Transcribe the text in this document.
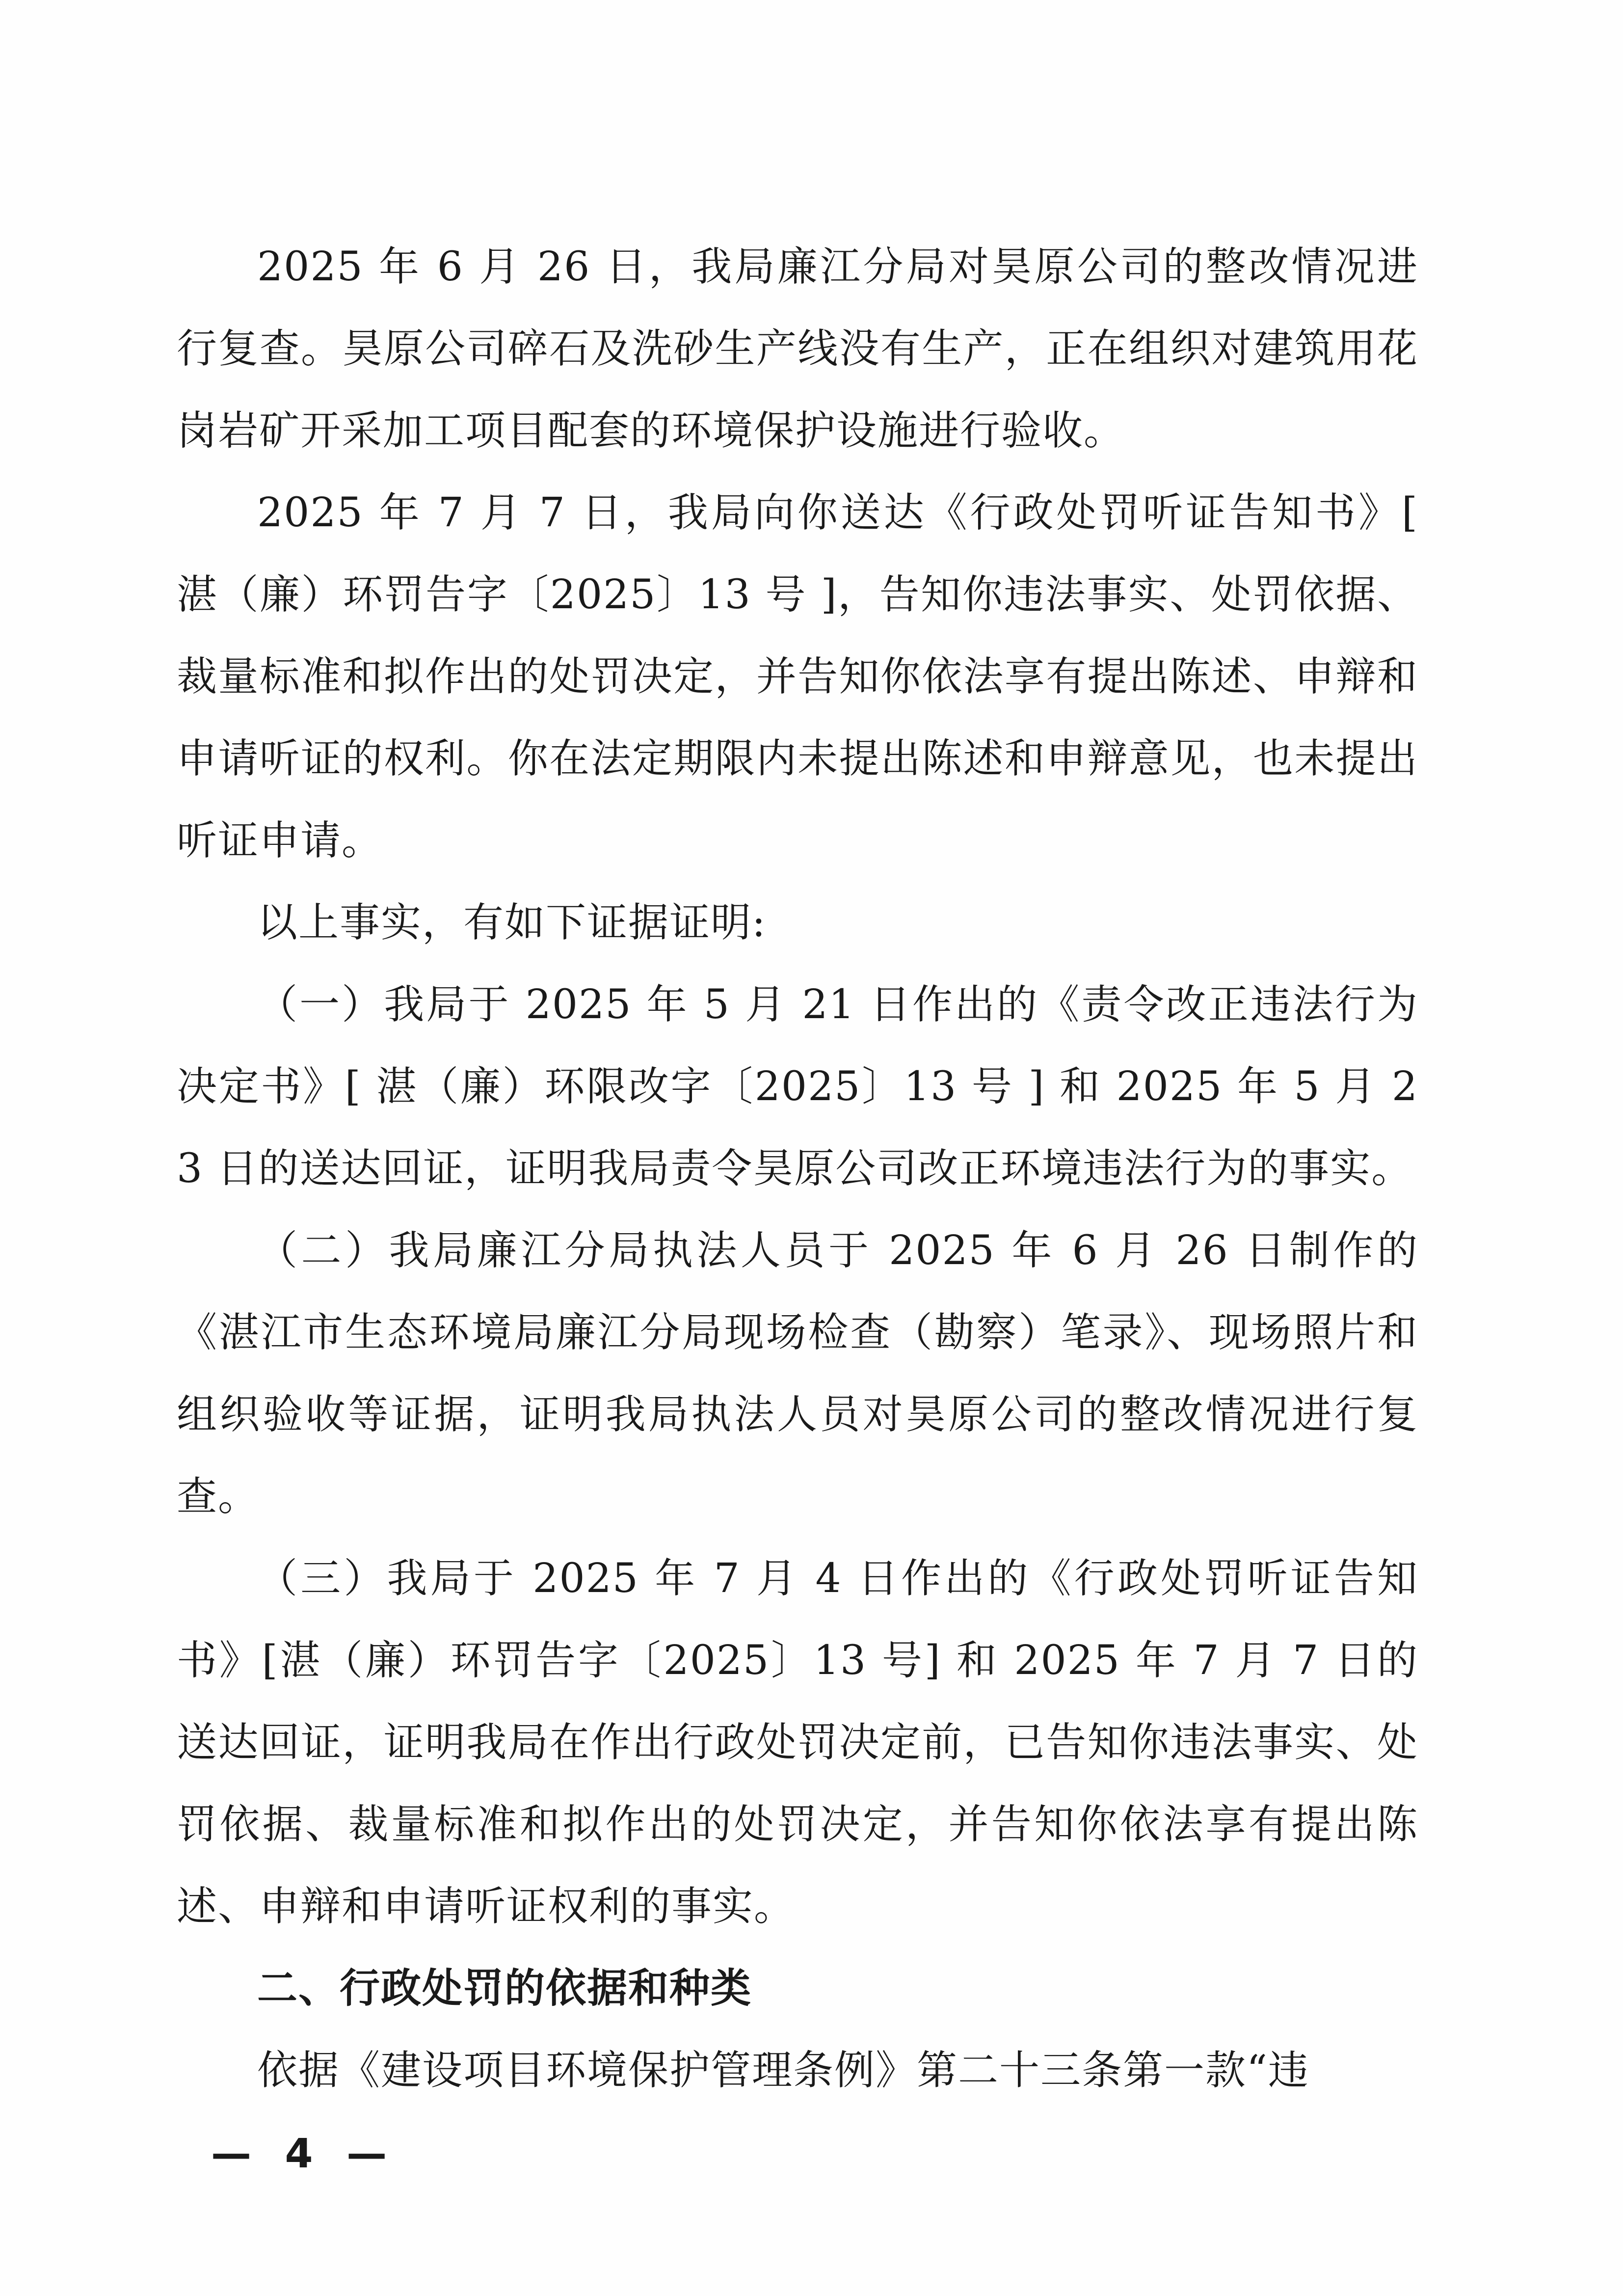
2025 年 6 月 26 日，我局廉江分局对昊原公司的整改情况进行复查。昊原公司碎石及洗砂生产线没有生产，正在组织对建筑用花岗岩矿开采加工项目配套的环境保护设施进行验收。

2025 年 7 月 7 日，我局向你送达《行政处罚听证告知书》[ 湛（廉）环罚告字〔2025〕13 号 ]，告知你违法事实、处罚依据、裁量标准和拟作出的处罚决定，并告知你依法享有提出陈述、申辩和申请听证的权利。你在法定期限内未提出陈述和申辩意见，也未提出听证申请。

以上事实，有如下证据证明:

（一）我局于 2025 年 5 月 21 日作出的《责令改正违法行为决定书》[ 湛（廉）环限改字〔2025〕13 号 ] 和 2025 年 5 月 23 日的送达回证，证明我局责令昊原公司改正环境违法行为的事实。

（二）我局廉江分局执法人员于 2025 年 6 月 26 日制作的《湛江市生态环境局廉江分局现场检查（勘察）笔录》、现场照片和组织验收等证据，证明我局执法人员对昊原公司的整改情况进行复查。

（三）我局于 2025 年 7 月 4 日作出的《行政处罚听证告知书》[湛（廉）环罚告字〔2025〕13 号] 和 2025 年 7 月 7 日的送达回证，证明我局在作出行政处罚决定前，已告知你违法事实、处罚依据、裁量标准和拟作出的处罚决定，并告知你依法享有提出陈述、申辩和申请听证权利的事实。

二、行政处罚的依据和种类

依据《建设项目环境保护管理条例》第二十三条第一款“违

— 4 —
